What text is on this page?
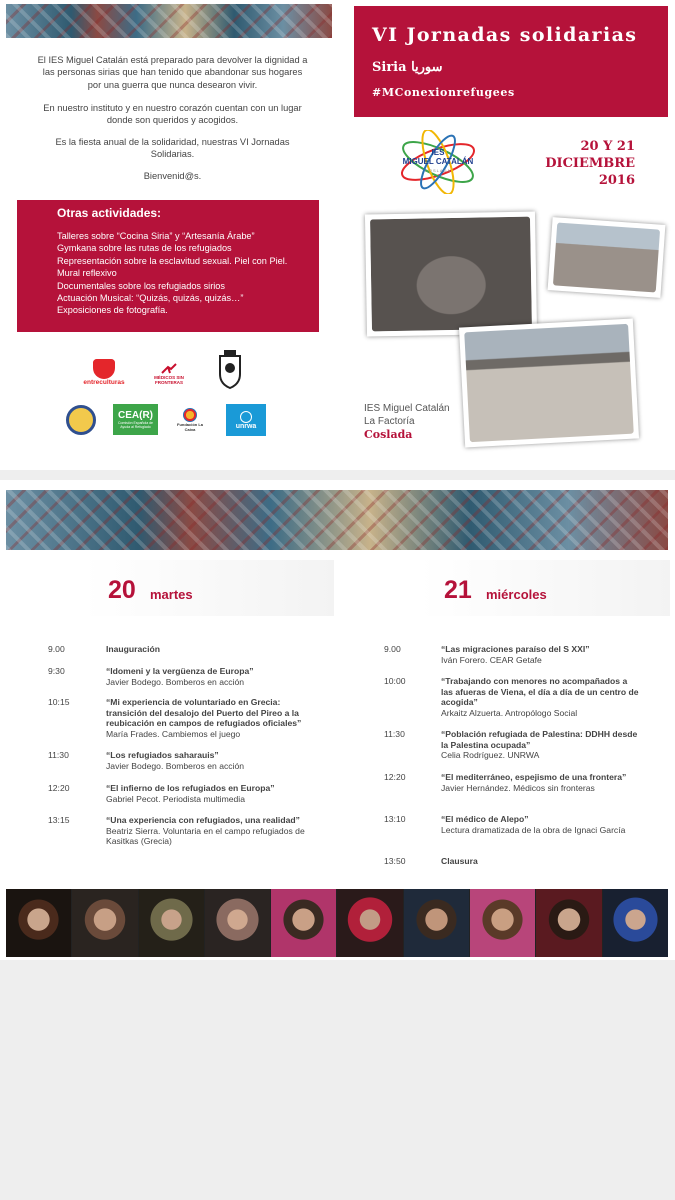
El IES Miguel Catalán está preparado para devolver la dignidad a las personas sirias que han tenido que abandonar sus hogares por una guerra que nunca desearon vivir.
En nuestro instituto y en nuestro corazón cuentan con un lugar donde son queridos y acogidos.
Es la fiesta anual de la solidaridad, nuestras VI Jornadas Solidarias.
Bienvenid@s.
Otras actividades:
Talleres sobre “Cocina Siria” y “Artesanía Árabe”
Gymkana sobre las rutas de los refugiados
Representación sobre la esclavitud sexual. Piel con Piel.
Mural reflexivo
Documentales sobre los refugiados sirios
Actuación Musical: “Quizás, quizás, quizás…”
Exposiciones de fotografía.
entreculturas
MÉDICOS SIN FRONTERAS
CEA(R)
Comisión Española de Ayuda al Refugiado	Fundación La Caixa	unrwa
VI Jornadas solidarias
Siria سوريا
#MConexionrefugees
IES
MIGUEL CATALÁN
COSLADA
20 Y 21
DICIEMBRE
2016
IES Miguel Catalán
La Factoría
Coslada
20 martes	21 miércoles
9.00	Inauguración
9:30	“Idomeni y la vergüenza de Europa”
Javier Bodego. Bomberos en acción
10:15	“Mi experiencia de voluntariado en Grecia: transición del desalojo del Puerto del Pireo a la reubicación en campos de refugiados oficiales”
María Frades. Cambiemos el juego
11:30	“Los refugiados saharauis”
Javier Bodego. Bomberos en acción
12:20	“El infierno de los refugiados en Europa”
Gabriel Pecot. Periodista multimedia
13:15	“Una experiencia con refugiados, una realidad”
Beatriz Sierra. Voluntaria en el campo refugiados de Kasitkas (Grecia)
9.00	“Las migraciones paraíso del S XXI”
Iván Forero. CEAR Getafe
10:00	“Trabajando con menores no acompañados a las afueras de Viena, el día a día de un centro de acogida”
Arkaitz Alzuerta. Antropólogo Social
11:30	“Población refugiada de Palestina: DDHH desde la Palestina ocupada”
Celia Rodríguez. UNRWA
12:20	“El mediterráneo, espejismo de una frontera”
Javier Hernández. Médicos sin fronteras
13:10	“El médico de Alepo”
Lectura dramatizada de la obra de Ignaci García
13:50	Clausura
